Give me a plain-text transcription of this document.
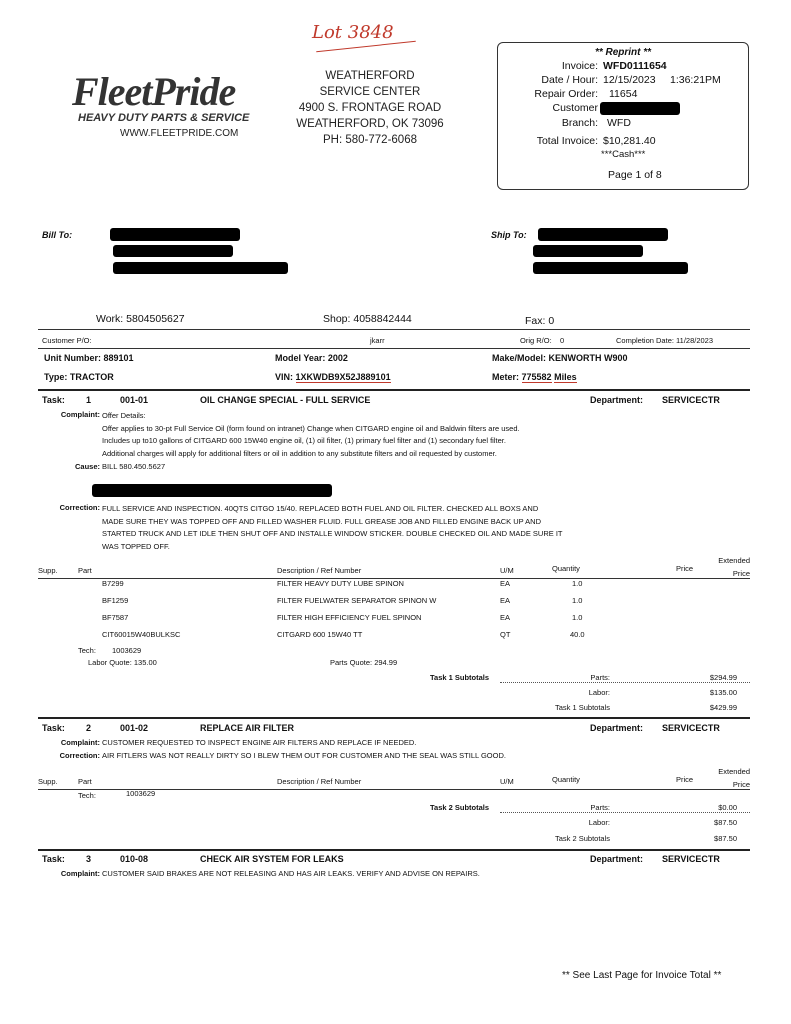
Lot 3848
FleetPride
HEAVY DUTY PARTS & SERVICE
WWW.FLEETPRIDE.COM
WEATHERFORD
SERVICE CENTER
4900 S. FRONTAGE ROAD
WEATHERFORD, OK 73096
PH: 580-772-6068
** Reprint **
Invoice: WFD0111654
Date / Hour: 12/15/2023 1:36:21PM
Repair Order: 11654
Customer
Branch: WFD
Total Invoice: $10,281.40
***Cash***
Page 1 of 8
Bill To:	Ship To:
Work: 5804505627	Shop: 4058842444	Fax: 0
Customer P/O:	jkarr	Orig R/O: 0	Completion Date: 11/28/2023
Unit Number: 889101	Model Year: 2002	Make/Model: KENWORTH W900
Type: TRACTOR	VIN: 1XKWDB9X52J889101	Meter: 775582 Miles
Task: 1	001-01	OIL CHANGE SPECIAL - FULL SERVICE	Department: SERVICECTR
Complaint: Offer Details:
Offer applies to 30-pt Full Service Oil (form found on intranet) Change when CITGARD engine oil and Baldwin filters are used.
Includes up to10 gallons of CITGARD 600 15W40 engine oil, (1) oil filter, (1) primary fuel filter and (1) secondary fuel filter.
Additional charges will apply for additional filters or oil in addition to any substitute filters and oil requested by customer.
Cause: BILL 580.450.5627
Correction: FULL SERVICE AND INSPECTION. 40QTS CITGO 15/40. REPLACED BOTH FUEL AND OIL FILTER. CHECKED ALL BOXS AND
MADE SURE THEY WAS TOPPED OFF AND FILLED WASHER FLUID. FULL GREASE JOB AND FILLED ENGINE BACK UP AND
STARTED TRUCK AND LET IDLE THEN SHUT OFF AND INSTALLE WINDOW STICKER. DOUBLE CHECKED OIL AND MADE SURE IT
WAS TOPPED OFF.
Supp.	Part	Description / Ref Number	U/M	Quantity	Price
Extended
Price
B7299	FILTER HEAVY DUTY LUBE SPINON	EA	1.0
BF1259	FILTER FUELWATER SEPARATOR SPINON W	EA	1.0
BF7587	FILTER HIGH EFFICIENCY FUEL SPINON	EA	1.0
CIT60015W40BULKSC	CITGARD 600 15W40 TT	QT	40.0
Tech: 1003629
Labor Quote: 135.00	Parts Quote: 294.99
Task 1 Subtotals	Parts:	$294.99
Labor:	$135.00
Task 1 Subtotals	$429.99
Task: 2	001-02	REPLACE AIR FILTER	Department: SERVICECTR
Complaint: CUSTOMER REQUESTED TO INSPECT ENGINE AIR FILTERS AND REPLACE IF NEEDED.
Correction: AIR FITLERS WAS NOT REALLY DIRTY SO I BLEW THEM OUT FOR CUSTOMER AND THE SEAL WAS STILL GOOD.
Supp.	Part	Description / Ref Number	U/M	Quantity	Price
Extended
Price
Tech:	1003629
Task 2 Subtotals	Parts:	$0.00
Labor:	$87.50
Task 2 Subtotals	$87.50
Task: 3	010-08	CHECK AIR SYSTEM FOR LEAKS	Department: SERVICECTR
Complaint: CUSTOMER SAID BRAKES ARE NOT RELEASING AND HAS AIR LEAKS. VERIFY AND ADVISE ON REPAIRS.
** See Last Page for Invoice Total **
